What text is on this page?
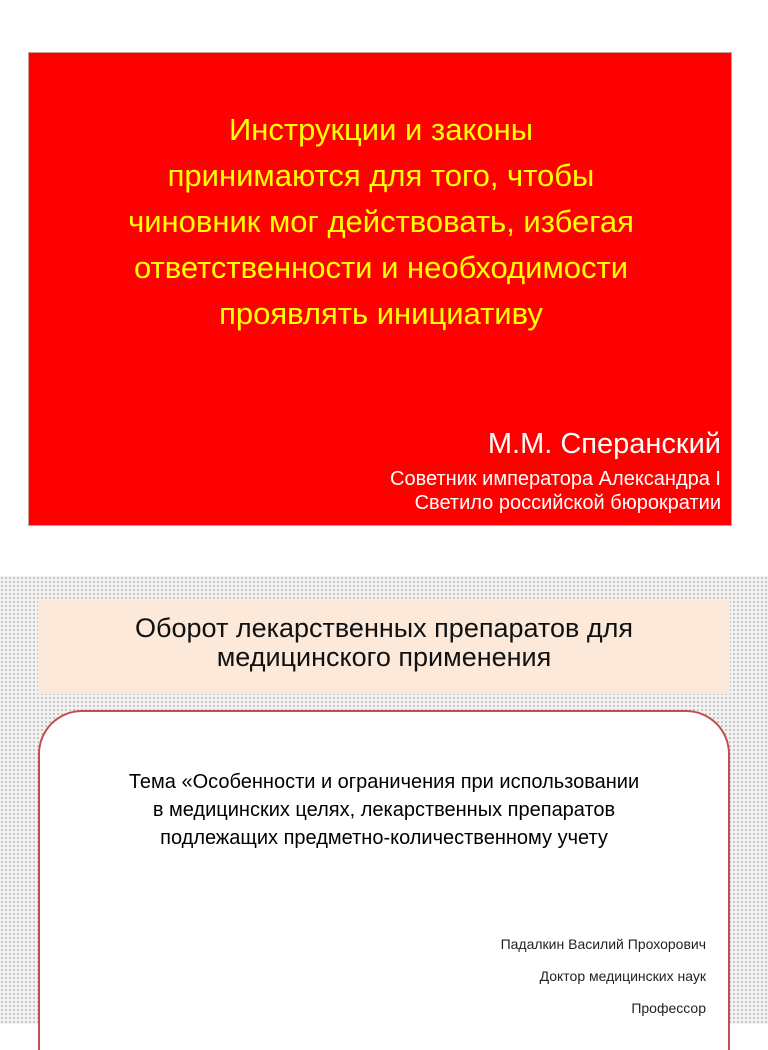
Инструкции и законы
принимаются для того, чтобы
чиновник мог действовать, избегая
ответственности и необходимости
проявлять инициативу

М.М. Сперанский

Советник императора Александра I
Светило российской бюрократии

Оборот лекарственных препаратов для
медицинского применения

Тема «Особенности и ограничения при использовании
в медицинских целях, лекарственных препаратов
подлежащих предметно-количественному учету

Падалкин Василий Прохорович
Доктор медицинских наук
Профессор
